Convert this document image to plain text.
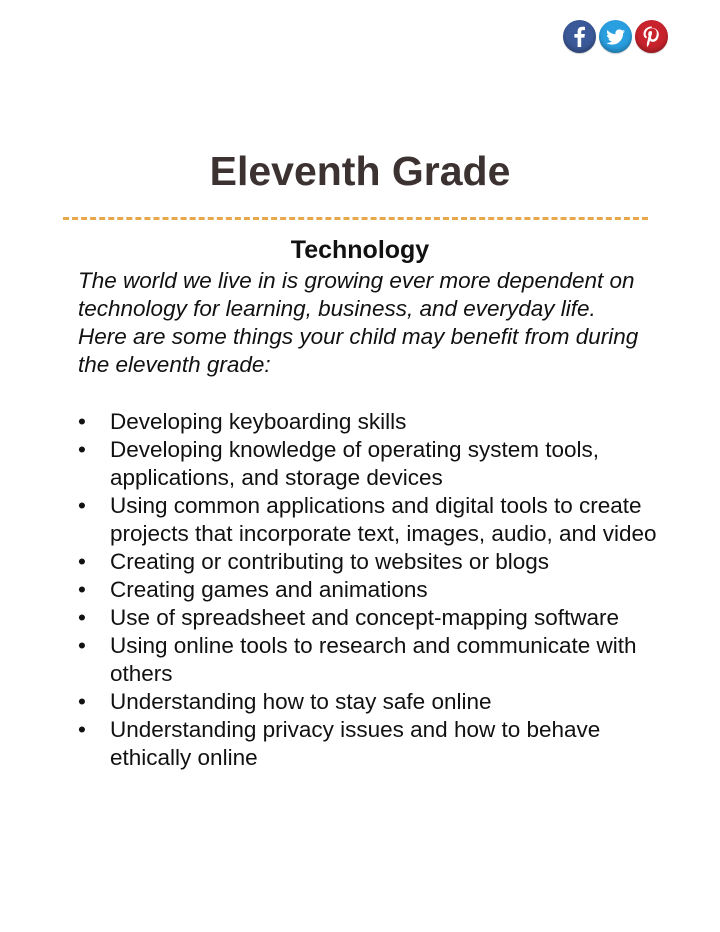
Eleventh Grade
Technology

The world we live in is growing ever more dependent on technology for learning, business, and everyday life. Here are some things your child may benefit from during the eleventh grade:

• Developing keyboarding skills
• Developing knowledge of operating system tools, applications, and storage devices
• Using common applications and digital tools to create projects that incorporate text, images, audio, and video
• Creating or contributing to websites or blogs
• Creating games and animations
• Use of spreadsheet and concept-mapping software
• Using online tools to research and communicate with others
• Understanding how to stay safe online
• Understanding privacy issues and how to behave ethically online
